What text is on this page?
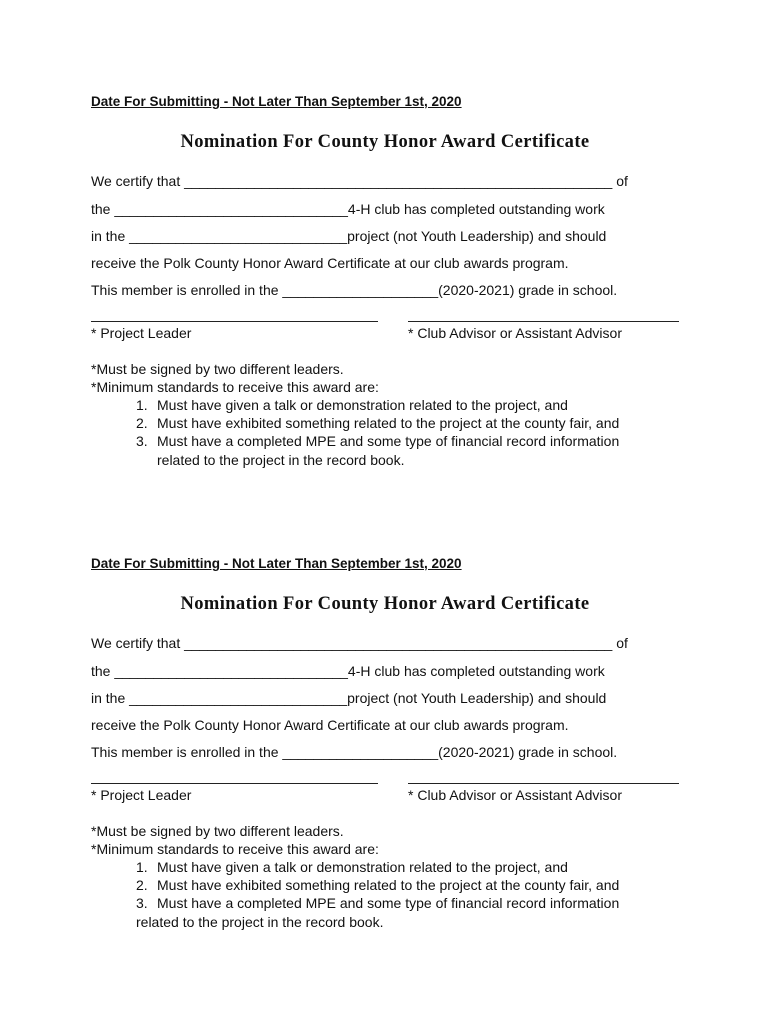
Date For Submitting - Not Later Than September 1st, 2020
Nomination For County Honor Award Certificate
We certify that _______________________________________________________ of
the ______________________________4-H club has completed outstanding work
in the ____________________________project (not Youth Leadership) and should
receive the Polk County Honor Award Certificate at our club awards program.
This member is enrolled in the ____________________(2020-2021) grade in school.
* Project Leader	* Club Advisor or Assistant Advisor
*Must be signed by two different leaders.
*Minimum standards to receive this award are:
1. Must have given a talk or demonstration related to the project, and
2. Must have exhibited something related to the project at the county fair, and
3. Must have a completed MPE and some type of financial record information
related to the project in the record book.
Date For Submitting - Not Later Than September 1st, 2020
Nomination For County Honor Award Certificate
We certify that _______________________________________________________ of
the ______________________________4-H club has completed outstanding work
in the ____________________________project (not Youth Leadership) and should
receive the Polk County Honor Award Certificate at our club awards program.
This member is enrolled in the ____________________(2020-2021) grade in school.
* Project Leader	* Club Advisor or Assistant Advisor
*Must be signed by two different leaders.
*Minimum standards to receive this award are:
1. Must have given a talk or demonstration related to the project, and
2. Must have exhibited something related to the project at the county fair, and
3. Must have a completed MPE and some type of financial record information
related to the project in the record book.
